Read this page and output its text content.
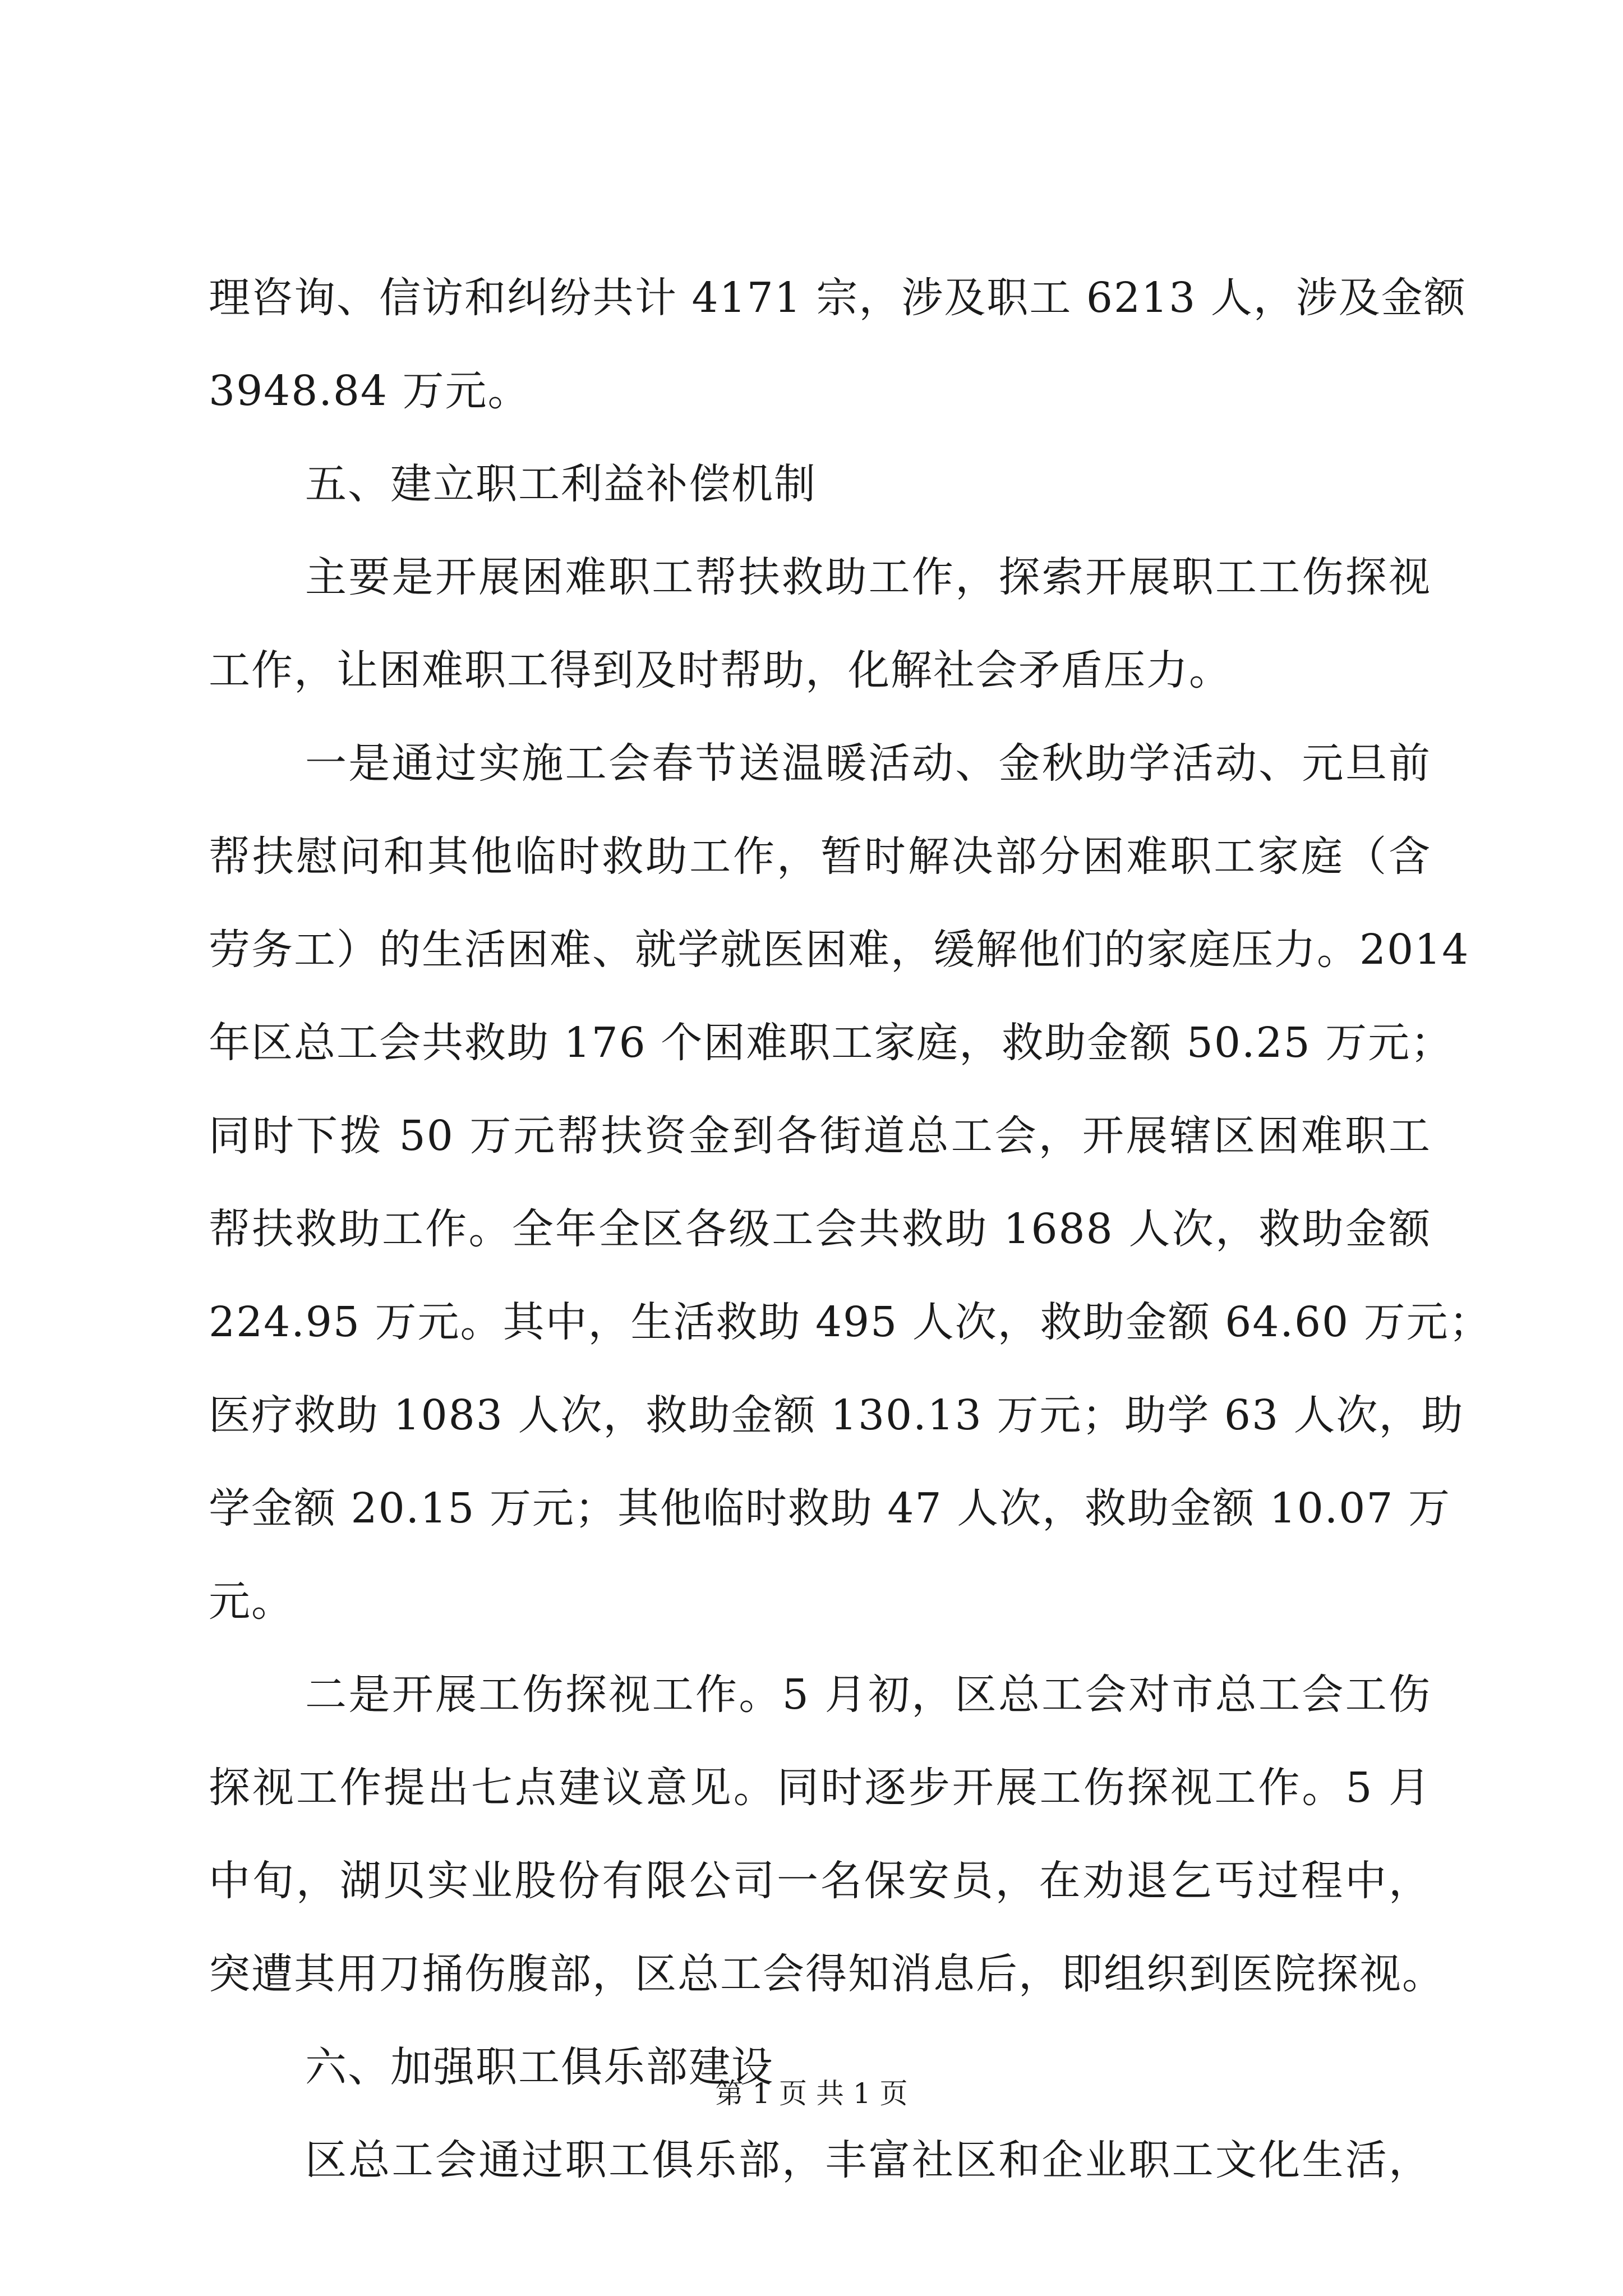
理咨询、信访和纠纷共计 4171 宗，涉及职工 6213 人，涉及金额
3948.84 万元。
五、建立职工利益补偿机制
主要是开展困难职工帮扶救助工作，探索开展职工工伤探视
工作，让困难职工得到及时帮助，化解社会矛盾压力。
一是通过实施工会春节送温暖活动、金秋助学活动、元旦前
帮扶慰问和其他临时救助工作，暂时解决部分困难职工家庭（含
劳务工）的生活困难、就学就医困难，缓解他们的家庭压力。2014
年区总工会共救助 176 个困难职工家庭，救助金额 50.25 万元；
同时下拨 50 万元帮扶资金到各街道总工会，开展辖区困难职工
帮扶救助工作。全年全区各级工会共救助 1688 人次，救助金额
224.95 万元。其中，生活救助 495 人次，救助金额 64.60 万元；
医疗救助 1083 人次，救助金额 130.13 万元；助学 63 人次，助
学金额 20.15 万元；其他临时救助 47 人次，救助金额 10.07 万
元。
二是开展工伤探视工作。5 月初，区总工会对市总工会工伤
探视工作提出七点建议意见。同时逐步开展工伤探视工作。5 月
中旬，湖贝实业股份有限公司一名保安员，在劝退乞丐过程中，
突遭其用刀捅伤腹部，区总工会得知消息后，即组织到医院探视。
六、加强职工俱乐部建设
区总工会通过职工俱乐部，丰富社区和企业职工文化生活，
第 1 页 共 1 页
